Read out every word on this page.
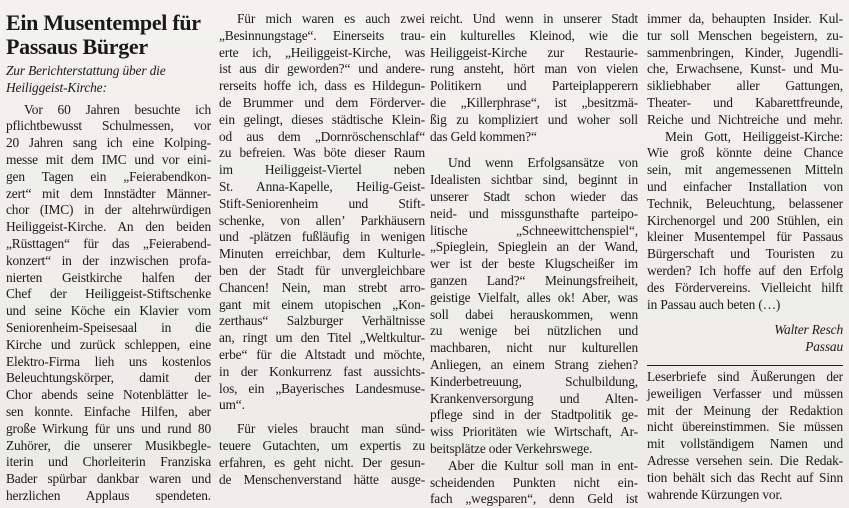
Ein Musentempel für
Passaus Bürger
Zur Berichterstattung über die
Heiliggeist-Kirche:
Vor 60 Jahren besuchte ich
pflichtbewusst Schulmessen, vor
20 Jahren sang ich eine Kolping-
messe mit dem IMC und vor eini-
gen Tagen ein „Feierabendkon-
zert“ mit dem Innstädter Männer-
chor (IMC) in der altehrwürdigen
Heiliggeist-Kirche. An den beiden
„Rüsttagen“ für das „Feierabend-
konzert“ in der inzwischen profa-
nierten Geistkirche halfen der
Chef der Heiliggeist-Stiftschenke
und seine Köche ein Klavier vom
Seniorenheim-Speisesaal in die
Kirche und zurück schleppen, eine
Elektro-Firma lieh uns kostenlos
Beleuchtungskörper, damit der
Chor abends seine Notenblätter le-
sen konnte. Einfache Hilfen, aber
große Wirkung für uns und rund 80
Zuhörer, die unserer Musikbegle-
iterin und Chorleiterin Franziska
Bader spürbar dankbar waren und
herzlichen Applaus spendeten.
Für mich waren es auch zwei
„Besinnungstage“. Einerseits trau-
erte ich, „Heiliggeist-Kirche, was
ist aus dir geworden?“ und andere-
rerseits hoffe ich, dass es Hildegun-
de Brummer und dem Förderver-
ein gelingt, dieses städtische Klein-
od aus dem „Dornröschenschlaf“
zu befreien. Was böte dieser Raum
im Heiliggeist-Viertel neben
St. Anna-Kapelle, Heilig-Geist-
Stift-Seniorenheim und Stift-
schenke, von allen’ Parkhäusern
und -plätzen fußläufig in wenigen
Minuten erreichbar, dem Kulturle-
ben der Stadt für unvergleichbare
Chancen! Nein, man strebt arro-
gant mit einem utopischen „Kon-
zerthaus“ Salzburger Verhältnisse
an, ringt um den Titel „Weltkultur-
erbe“ für die Altstadt und möchte,
in der Konkurrenz fast aussichts-
los, ein „Bayerisches Landesmuse-
um“.
Für vieles braucht man sünd-
teuere Gutachten, um expertis zu
erfahren, es geht nicht. Der gesun-
de Menschenverstand hätte ausge-
reicht. Und wenn in unserer Stadt
ein kulturelles Kleinod, wie die
Heiliggeist-Kirche zur Restaurie-
rung ansteht, hört man von vielen
Politikern und Parteiplapperern
die „Killerphrase“, ist „besitzmä-
ßig zu kompliziert und woher soll
das Geld kommen?“
Und wenn Erfolgsansätze von
Idealisten sichtbar sind, beginnt in
unserer Stadt schon wieder das
neid- und missgunsthafte parteipo-
litische „Schneewittchenspiel“,
„Spieglein, Spieglein an der Wand,
wer ist der beste Klugscheißer im
ganzen Land?“ Meinungsfreiheit,
geistige Vielfalt, alles ok! Aber, was
soll dabei herauskommen, wenn
zu wenige bei nützlichen und
machbaren, nicht nur kulturellen
Anliegen, an einem Strang ziehen?
Kinderbetreuung, Schulbildung,
Krankenversorgung und Alten-
pflege sind in der Stadtpolitik ge-
wiss Prioritäten wie Wirtschaft, Ar-
beitsplätze oder Verkehrswege.
Aber die Kultur soll man in ent-
scheidenden Punkten nicht ein-
fach „wegsparen“, denn Geld ist
immer da, behaupten Insider. Kul-
tur soll Menschen begeistern, zu-
sammenbringen, Kinder, Jugendli-
che, Erwachsene, Kunst- und Mu-
sikliebhaber aller Gattungen,
Theater- und Kabarettfreunde,
Reiche und Nichtreiche und mehr.
Mein Gott, Heiliggeist-Kirche:
Wie groß könnte deine Chance
sein, mit angemessenen Mitteln
und einfacher Installation von
Technik, Beleuchtung, belassener
Kirchenorgel und 200 Stühlen, ein
kleiner Musentempel für Passaus
Bürgerschaft und Touristen zu
werden? Ich hoffe auf den Erfolg
des Fördervereins. Vielleicht hilft
in Passau auch beten (…)
Walter Resch
Passau
Leserbriefe sind Äußerungen der
jeweiligen Verfasser und müssen
mit der Meinung der Redaktion
nicht übereinstimmen. Sie müssen
mit vollständigem Namen und
Adresse versehen sein. Die Redak-
tion behält sich das Recht auf Sinn
wahrende Kürzungen vor.
